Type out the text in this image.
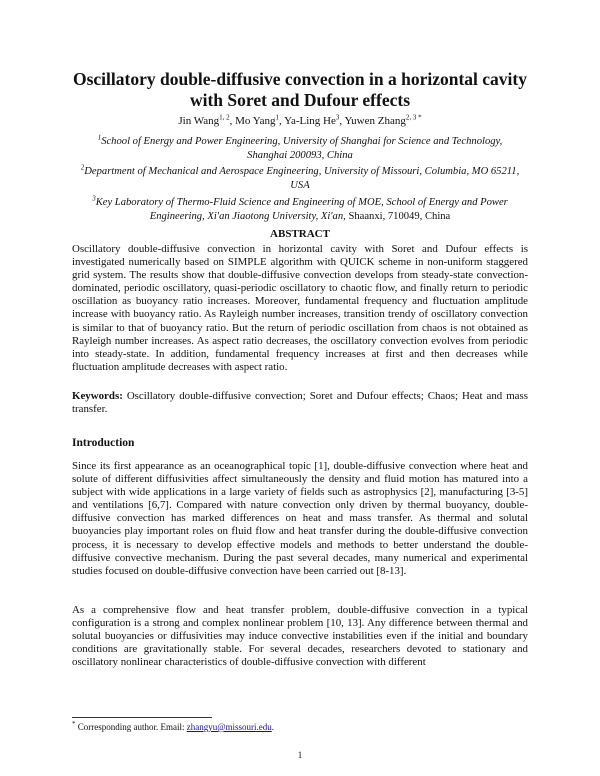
Oscillatory double-diffusive convection in a horizontal cavity
with Soret and Dufour effects
Jin Wang$^{1, 2}$, Mo Yang$^1$, Ya-Ling He$^3$, Yuwen Zhang$^{2, 3 *}$
$^1$School of Energy and Power Engineering, University of Shanghai for Science and Technology,
Shanghai 200093, China
$^2$Department of Mechanical and Aerospace Engineering, University of Missouri, Columbia, MO 65211,
USA
$^3$Key Laboratory of Thermo-Fluid Science and Engineering of MOE, School of Energy and Power
Engineering, Xi'an Jiaotong University, Xi'an, Shaanxi, 710049, China
ABSTRACT
Oscillatory double-diffusive convection in horizontal cavity with Soret and Dufour effects is investigated numerically based on SIMPLE algorithm with QUICK scheme in non-uniform staggered grid system. The results show that double-diffusive convection develops from steady-state convection-dominated, periodic oscillatory, quasi-periodic oscillatory to chaotic flow, and finally return to periodic oscillation as buoyancy ratio increases. Moreover, fundamental frequency and fluctuation amplitude increase with buoyancy ratio. As Rayleigh number increases, transition trendy of oscillatory convection is similar to that of buoyancy ratio. But the return of periodic oscillation from chaos is not obtained as Rayleigh number increases. As aspect ratio decreases, the oscillatory convection evolves from periodic into steady-state. In addition, fundamental frequency increases at first and then decreases while fluctuation amplitude decreases with aspect ratio.
Keywords: Oscillatory double-diffusive convection; Soret and Dufour effects; Chaos; Heat and mass transfer.
Introduction
Since its first appearance as an oceanographical topic [1], double-diffusive convection where heat and solute of different diffusivities affect simultaneously the density and fluid motion has matured into a subject with wide applications in a large variety of fields such as astrophysics [2], manufacturing [3-5] and ventilations [6,7]. Compared with nature convection only driven by thermal buoyancy, double-diffusive convection has marked differences on heat and mass transfer. As thermal and solutal buoyancies play important roles on fluid flow and heat transfer during the double-diffusive convection process, it is necessary to develop effective models and methods to better understand the double-diffusive convective mechanism. During the past several decades, many numerical and experimental studies focused on double-diffusive convection have been carried out [8-13].
As a comprehensive flow and heat transfer problem, double-diffusive convection in a typical configuration is a strong and complex nonlinear problem [10, 13]. Any difference between thermal and solutal buoyancies or diffusivities may induce convective instabilities even if the initial and boundary conditions are gravitationally stable. For several decades, researchers devoted to stationary and oscillatory nonlinear characteristics of double-diffusive convection with different
* Corresponding author. Email: zhangyu@missouri.edu.
1
